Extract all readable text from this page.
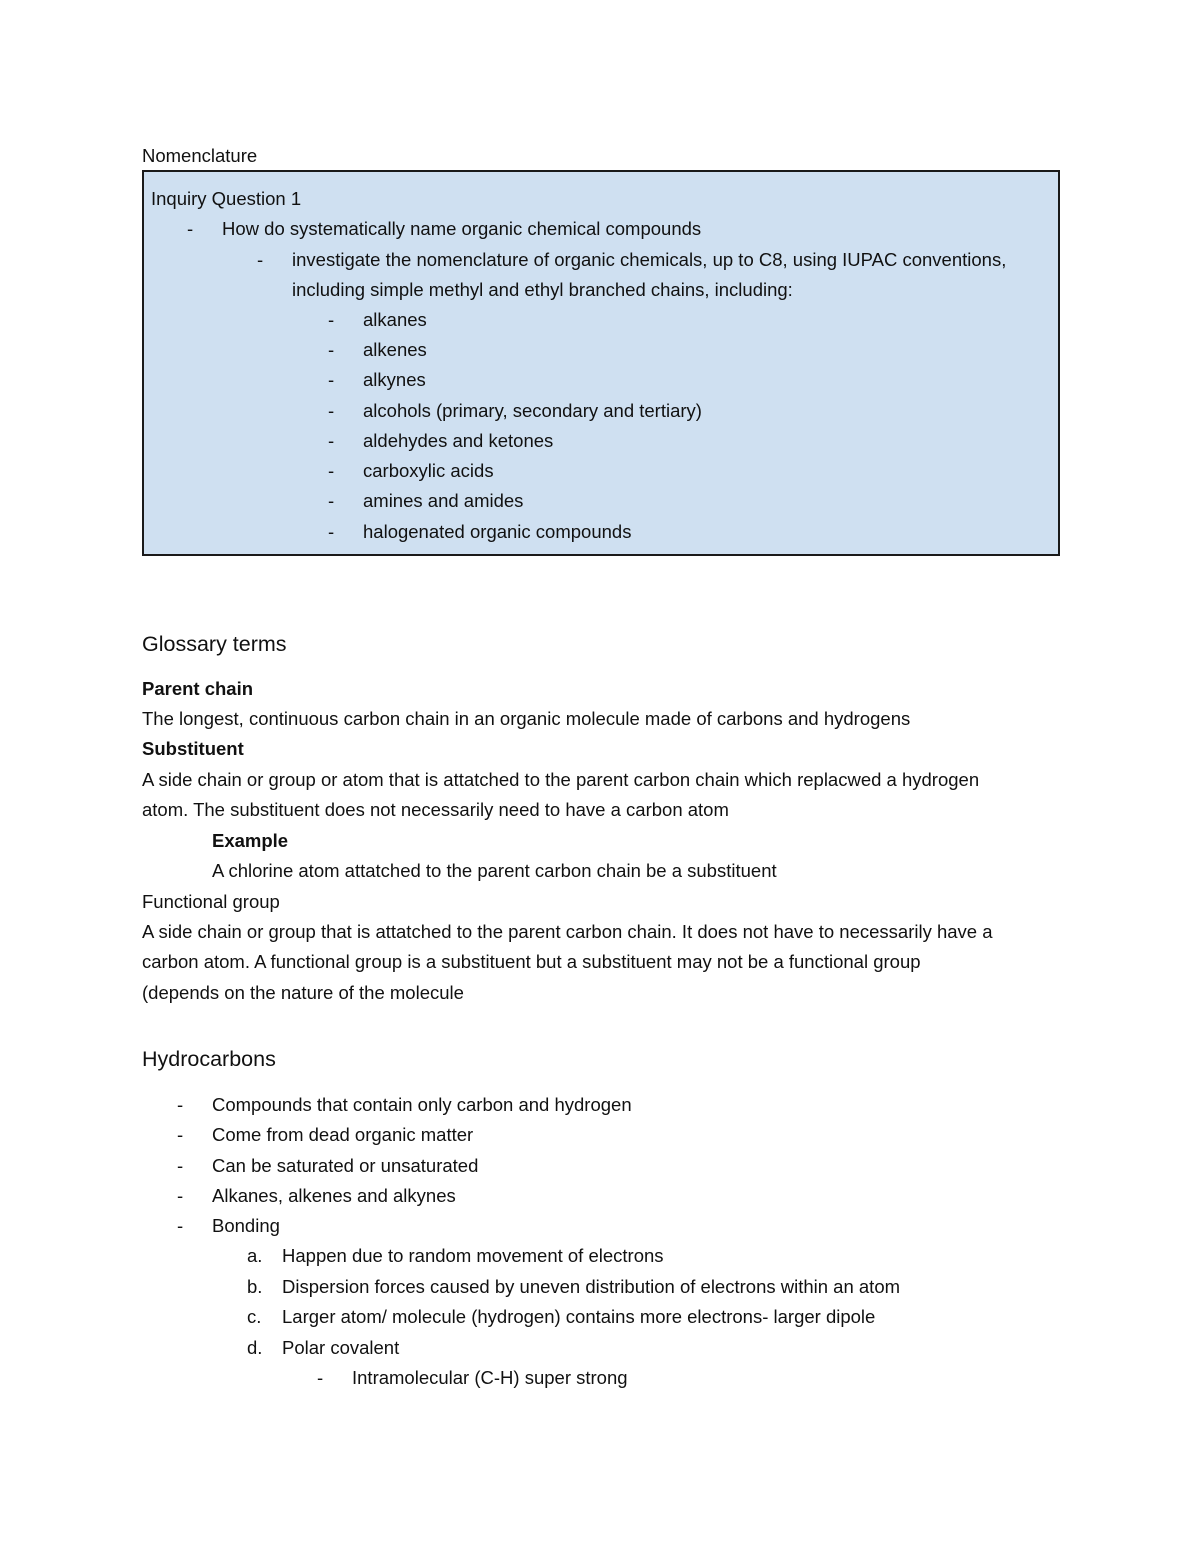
Nomenclature
Inquiry Question 1
- How do systematically name organic chemical compounds
- investigate the nomenclature of organic chemicals, up to C8, using IUPAC conventions,
including simple methyl and ethyl branched chains, including:
- alkanes
- alkenes
- alkynes
- alcohols (primary, secondary and tertiary)
- aldehydes and ketones
- carboxylic acids
- amines and amides
- halogenated organic compounds
Glossary terms
Parent chain
The longest, continuous carbon chain in an organic molecule made of carbons and hydrogens
Substituent
A side chain or group or atom that is attatched to the parent carbon chain which replacwed a hydrogen
atom. The substituent does not necessarily need to have a carbon atom
Example
A chlorine atom attatched to the parent carbon chain be a substituent
Functional group
A side chain or group that is attatched to the parent carbon chain. It does not have to necessarily have a
carbon atom. A functional group is a substituent but a substituent may not be a functional group
(depends on the nature of the molecule
Hydrocarbons
- Compounds that contain only carbon and hydrogen
- Come from dead organic matter
- Can be saturated or unsaturated
- Alkanes, alkenes and alkynes
- Bonding
a. Happen due to random movement of electrons
b. Dispersion forces caused by uneven distribution of electrons within an atom
c. Larger atom/ molecule (hydrogen) contains more electrons- larger dipole
d. Polar covalent
- Intramolecular (C-H) super strong
